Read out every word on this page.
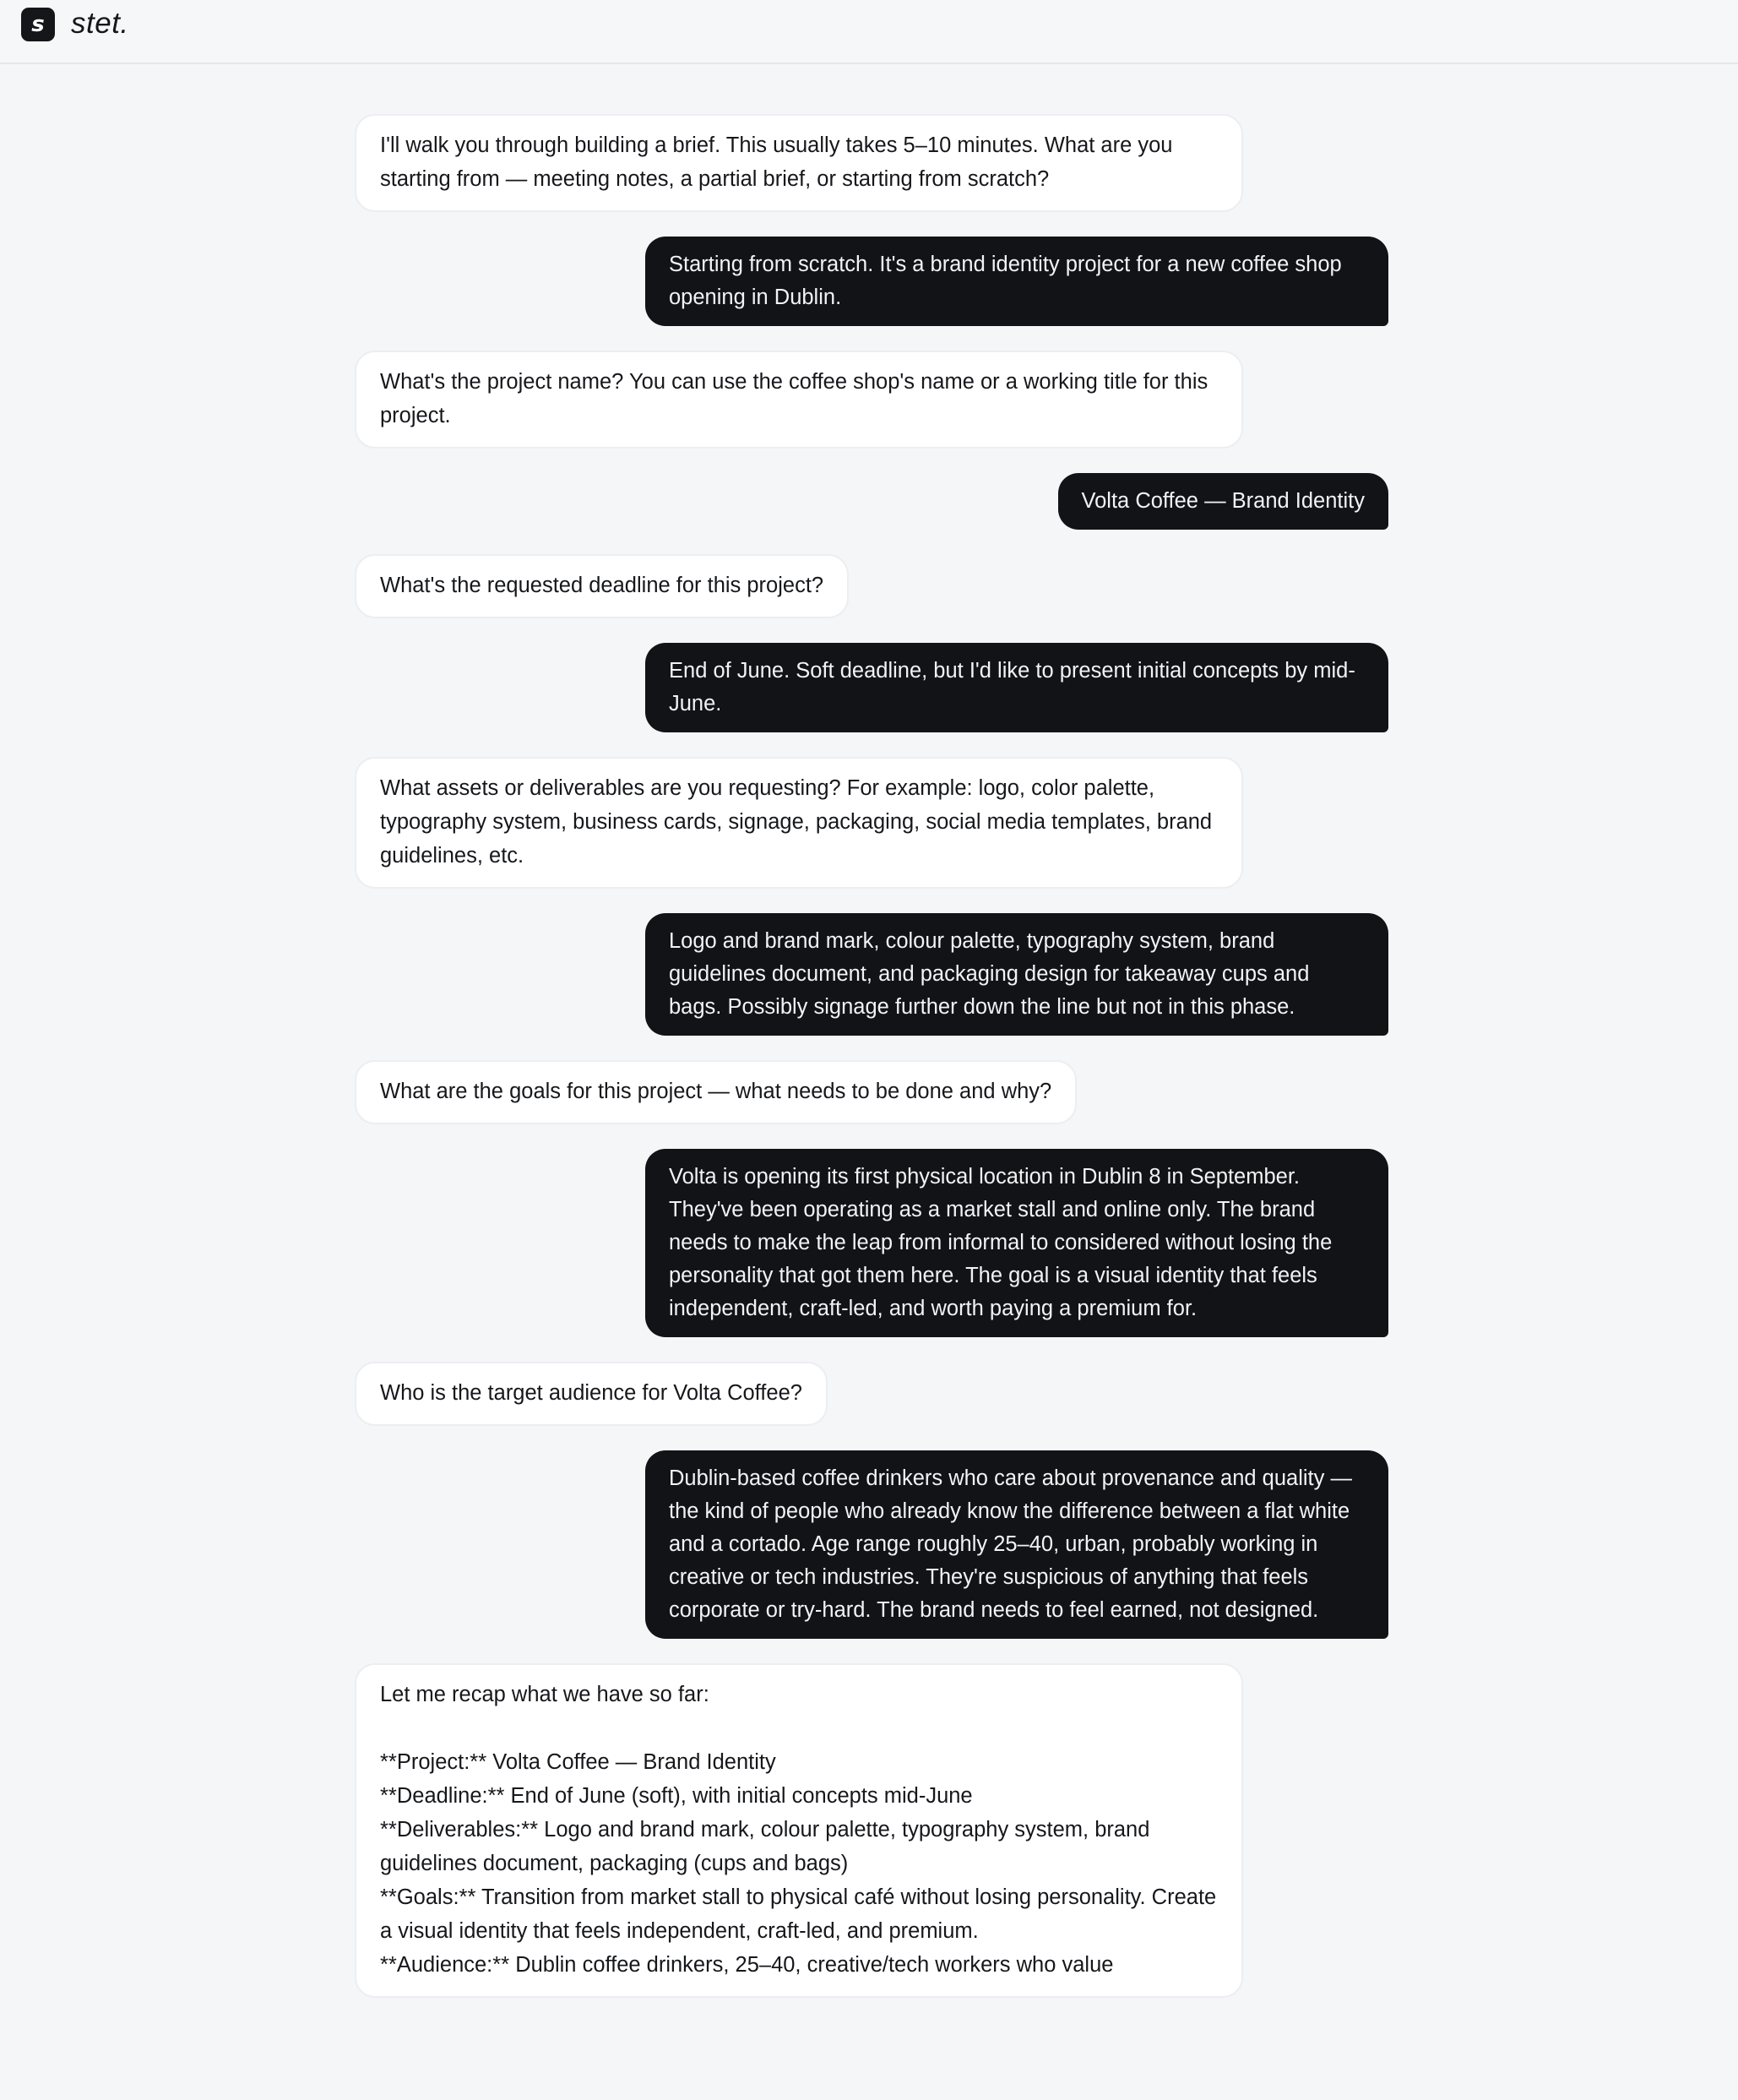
s stet.
I'll walk you through building a brief. This usually takes 5–10 minutes. What are you starting from — meeting notes, a partial brief, or starting from scratch?
Starting from scratch. It's a brand identity project for a new coffee shop opening in Dublin.
What's the project name? You can use the coffee shop's name or a working title for this project.
Volta Coffee — Brand Identity
What's the requested deadline for this project?
End of June. Soft deadline, but I'd like to present initial concepts by mid-June.
What assets or deliverables are you requesting? For example: logo, color palette, typography system, business cards, signage, packaging, social media templates, brand guidelines, etc.
Logo and brand mark, colour palette, typography system, brand guidelines document, and packaging design for takeaway cups and bags. Possibly signage further down the line but not in this phase.
What are the goals for this project — what needs to be done and why?
Volta is opening its first physical location in Dublin 8 in September. They've been operating as a market stall and online only. The brand needs to make the leap from informal to considered without losing the personality that got them here. The goal is a visual identity that feels independent, craft-led, and worth paying a premium for.
Who is the target audience for Volta Coffee?
Dublin-based coffee drinkers who care about provenance and quality — the kind of people who already know the difference between a flat white and a cortado. Age range roughly 25–40, urban, probably working in creative or tech industries. They're suspicious of anything that feels corporate or try-hard. The brand needs to feel earned, not designed.
Let me recap what we have so far:

**Project:** Volta Coffee — Brand Identity
**Deadline:** End of June (soft), with initial concepts mid-June
**Deliverables:** Logo and brand mark, colour palette, typography system, brand guidelines document, packaging (cups and bags)
**Goals:** Transition from market stall to physical café without losing personality. Create a visual identity that feels independent, craft-led, and premium.
**Audience:** Dublin coffee drinkers, 25–40, creative/tech workers who value
